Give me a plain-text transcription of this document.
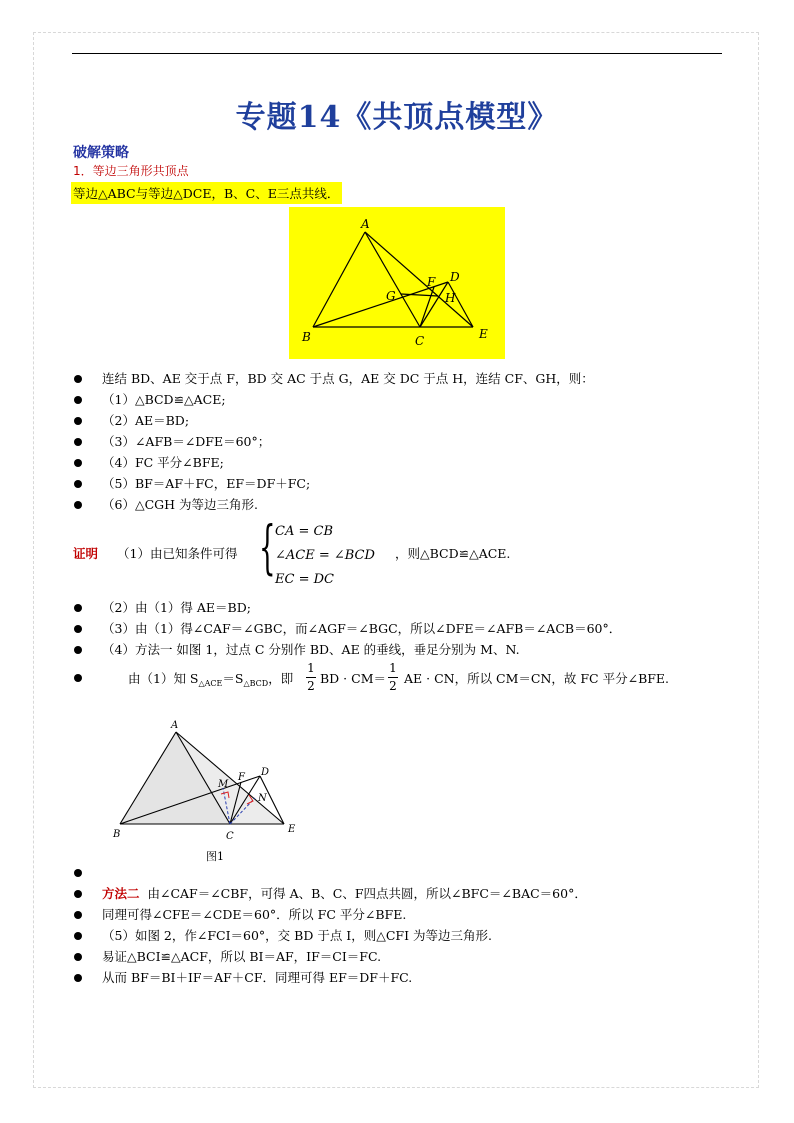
专题14《共顶点模型》
破解策略
1．等边三角形共顶点
等边△ABC与等边△DCE，B、C、E三点共线．
A
B	C
D
E
F
G	H
连结 BD、AE 交于点 F，BD 交 AC 于点 G，AE 交 DC 于点 H，连结 CF、GH，则：
（1）△BCD≌△ACE;
（2）AE＝BD;
（3）∠AFB＝∠DFE＝60°；
（4）FC 平分∠BFE;
（5）BF＝AF＋FC，EF＝DF＋FC;
（6）△CGH 为等边三角形.
证明 （1）由已知条件可得 { CA = CB
∠ACE = ∠BCD
EC = DC
，则△BCD≌△ACE.
（2）由（1）得 AE＝BD;
（3）由（1）得∠CAF＝∠GBC，而∠AGF＝∠BGC，所以∠DFE＝∠AFB＝∠ACB＝60°．
（4）方法一 如图 1，过点 C 分别作 BD、AE 的垂线，垂足分别为 M、N.
由（1）知 $S_{\triangle ACE}=S_{\triangle BCD}$，即
1
2 BD · CM＝
1
2 AE · CN，所以 CM＝CN，故 FC 平分∠BFE.
A
B	C
D
E
F
M
N
图1
方法二 由∠CAF＝∠CBF，可得 A、B、C、F四点共圆，所以∠BFC＝∠BAC＝60°．
同理可得∠CFE＝∠CDE＝60°．所以 FC 平分∠BFE.
（5）如图 2，作∠FCI＝60°，交 BD 于点 I，则△CFI 为等边三角形.
易证△BCI≌△ACF，所以 BI＝AF，IF＝CI＝FC.
从而 BF＝BI＋IF＝AF＋CF．同理可得 EF＝DF＋FC.
